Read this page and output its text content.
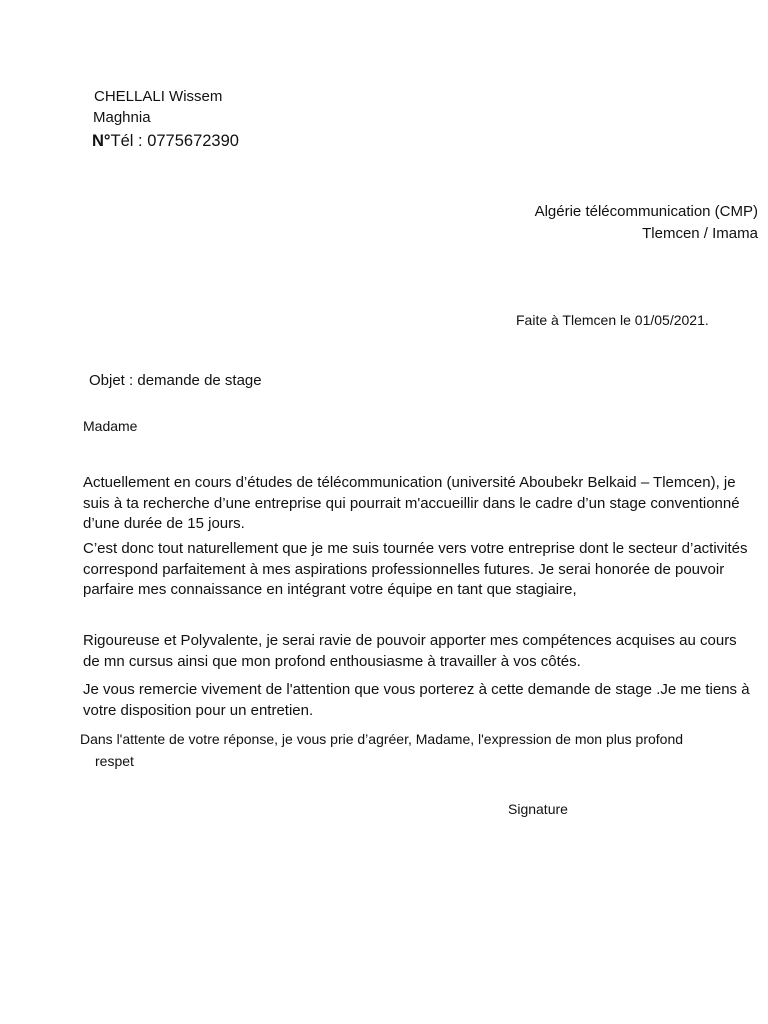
CHELLALI Wissem
Maghnia
N°Tél : 0775672390
Algérie télécommunication (CMP)
Tlemcen / Imama
Faite à Tlemcen le 01/05/2021.
Objet : demande de stage
Madame
Actuellement en cours d’études de télécommunication (université Aboubekr Belkaid – Tlemcen), je suis à ta recherche d’une entreprise qui pourrait m'accueillir dans le cadre d’un stage conventionné d’une durée de 15 jours.
C’est donc tout naturellement que je me suis tournée vers votre entreprise dont le secteur d’activités correspond parfaitement à mes aspirations professionnelles futures. Je serai honorée de pouvoir parfaire mes connaissance en intégrant votre équipe en tant que stagiaire,
Rigoureuse et Polyvalente, je serai ravie de pouvoir apporter mes compétences acquises au cours de mn cursus ainsi que mon profond enthousiasme à travailler à vos côtés.
Je vous remercie vivement de l'attention que vous porterez à cette demande de stage .Je me tiens à votre disposition pour un entretien.
Dans l'attente de votre réponse, je vous prie d’agréer, Madame, l'expression de mon plus profond
respet
Signature
